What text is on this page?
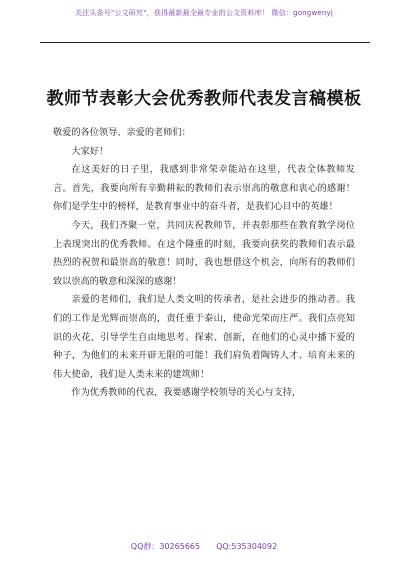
关注头条号"公文研究"，获得最新最全最专业的公文资料库！ 微信：gongwenyj
教师节表彰大会优秀教师代表发言稿模板

敬爱的各位领导、亲爱的老师们：

大家好！

在这美好的日子里，我感到非常荣幸能站在这里，代表全体教师发言。首先，我要向所有辛勤耕耘的教师们表示崇高的敬意和衷心的感谢！你们是学生中的榜样，是教育事业中的奋斗者，是我们心目中的英雄！

今天，我们齐聚一堂，共同庆祝教师节，并表彰那些在教育教学岗位上表现突出的优秀教师。在这个隆重的时刻，我要向获奖的教师们表示最热烈的祝贺和最崇高的敬意！同时，我也想借这个机会，向所有的教师们致以崇高的敬意和深深的感谢！

亲爱的老师们，我们是人类文明的传承者，是社会进步的推动者。我们的工作是光辉而崇高的，责任重于泰山，使命光荣而庄严。我们点亮知识的火花，引导学生自由地思考、探索、创新，在他们的心灵中播下爱的种子，为他们的未来开辟无限的可能！我们肩负着陶铸人才、培育未来的伟大使命，我们是人类未来的建筑师！

作为优秀教师的代表，我要感谢学校领导的关心与支持，

QQ群：30265665　　QQ:535304092
